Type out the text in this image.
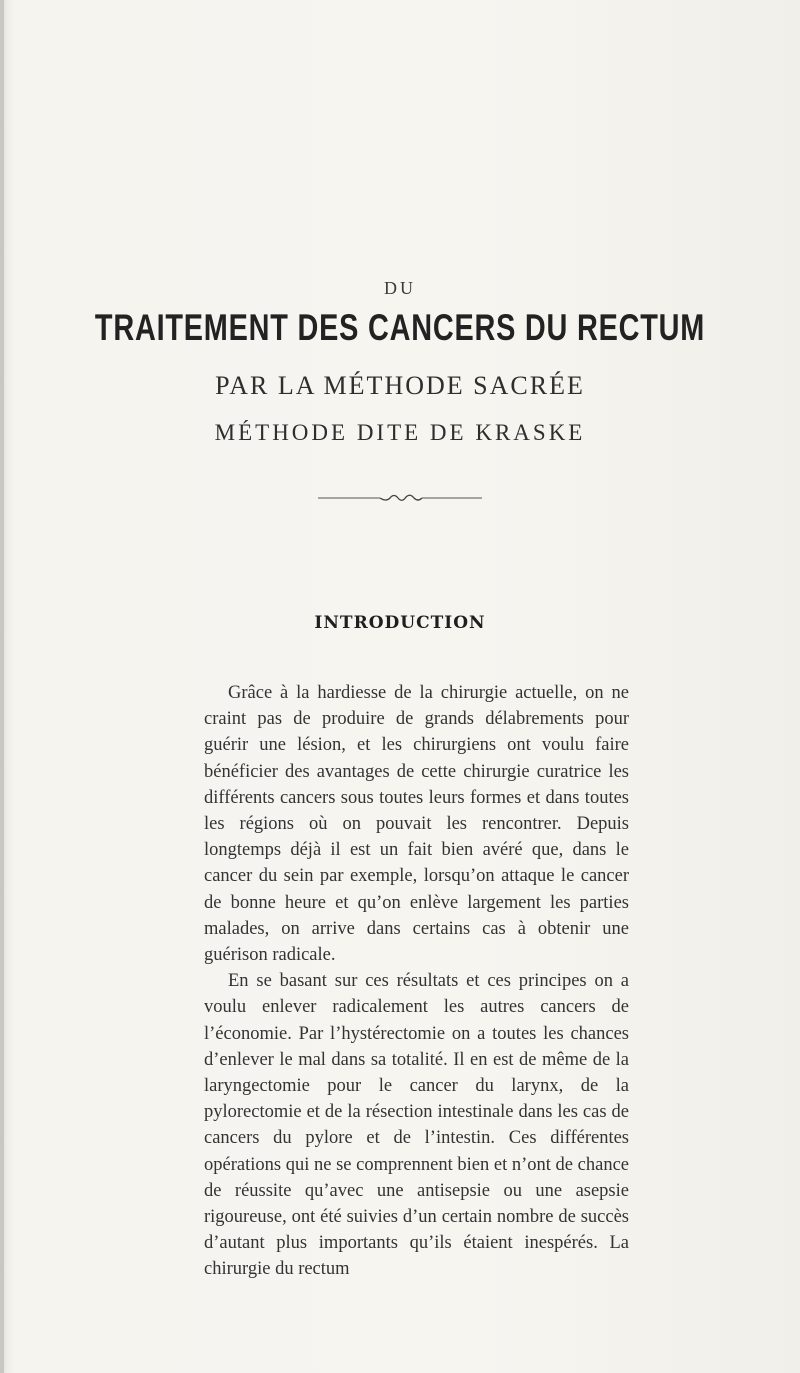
DU
TRAITEMENT DES CANCERS DU RECTUM
PAR LA MÉTHODE SACRÉE
MÉTHODE DITE DE KRASKE
INTRODUCTION

Grâce à la hardiesse de la chirurgie actuelle, on ne craint pas de produire de grands délabrements pour guérir une lésion, et les chirurgiens ont voulu faire bénéficier des avantages de cette chirurgie curatrice les différents cancers sous toutes leurs formes et dans toutes les régions où on pouvait les rencontrer. Depuis longtemps déjà il est un fait bien avéré que, dans le cancer du sein par exemple, lorsqu’on attaque le cancer de bonne heure et qu’on enlève largement les parties malades, on arrive dans certains cas à obtenir une guérison radicale.

En se basant sur ces résultats et ces principes on a voulu enlever radicalement les autres cancers de l’économie. Par l’hystérectomie on a toutes les chances d’enlever le mal dans sa totalité. Il en est de même de la laryngectomie pour le cancer du larynx, de la pylorectomie et de la résection intestinale dans les cas de cancers du pylore et de l’intestin. Ces différentes opérations qui ne se comprennent bien et n’ont de chance de réussite qu’avec une antisepsie ou une asepsie rigoureuse, ont été suivies d’un certain nombre de succès d’autant plus importants qu’ils étaient inespérés. La chirurgie du rectum
